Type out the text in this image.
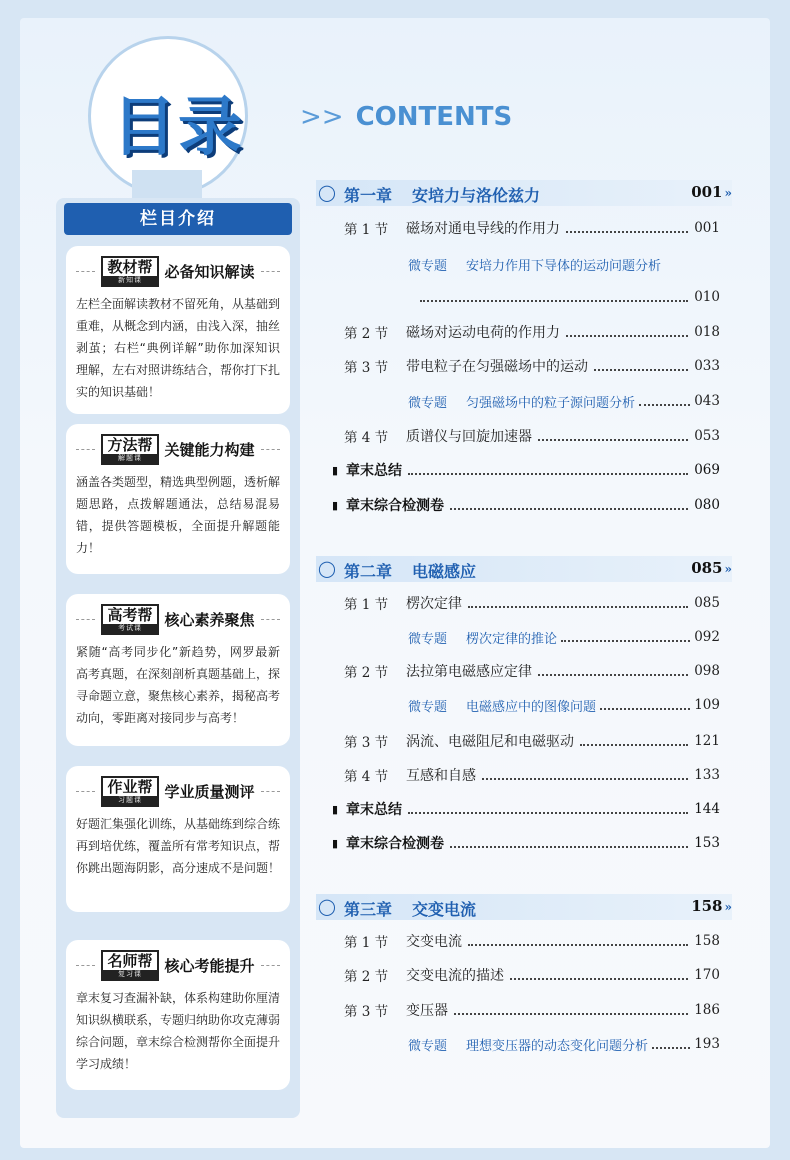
目录 >> CONTENTS
栏目介绍
教材帮
新知课	必备知识解读
左栏全面解读教材不留死角，从基础到重难，从概念到内涵，由浅入深，抽丝剥茧；右栏“典例详解”助你加深知识理解，左右对照讲练结合，帮你打下扎实的知识基础！
方法帮
解题课	关键能力构建
涵盖各类题型，精选典型例题，透析解题思路，点拨解题通法，总结易混易错，提供答题模板，全面提升解题能力！
高考帮
考试课	核心素养聚焦
紧随“高考同步化”新趋势，网罗最新高考真题，在深刻剖析真题基础上，探寻命题立意，聚焦核心素养，揭秘高考动向，零距离对接同步与高考！
作业帮
习题课	学业质量测评
好题汇集强化训练，从基础练到综合练再到培优练，覆盖所有常考知识点，帮你跳出题海阴影，高分速成不是问题！
名师帮
复习课	核心考能提升
章末复习查漏补缺，体系构建助你厘清知识纵横联系，专题归纳助你攻克薄弱综合问题，章末综合检测帮你全面提升学习成绩！
◯ 第一章 安培力与洛伦兹力	001 »
第 1 节	磁场对通电导线的作用力	001
微专题	安培力作用下导体的运动问题分析
010
第 2 节	磁场对运动电荷的作用力	018
第 3 节	带电粒子在匀强磁场中的运动	033
微专题	匀强磁场中的粒子源问题分析	043
第 4 节	质谱仪与回旋加速器	053
▮ 章末总结	069
▮ 章末综合检测卷	080
◯ 第二章 电磁感应	085 »
第 1 节	楞次定律	085
微专题	楞次定律的推论	092
第 2 节	法拉第电磁感应定律	098
微专题	电磁感应中的图像问题	109
第 3 节	涡流、电磁阻尼和电磁驱动	121
第 4 节	互感和自感	133
▮ 章末总结	144
▮ 章末综合检测卷	153
◯ 第三章 交变电流	158 »
第 1 节	交变电流	158
第 2 节	交变电流的描述	170
第 3 节	变压器	186
微专题	理想变压器的动态变化问题分析	193
